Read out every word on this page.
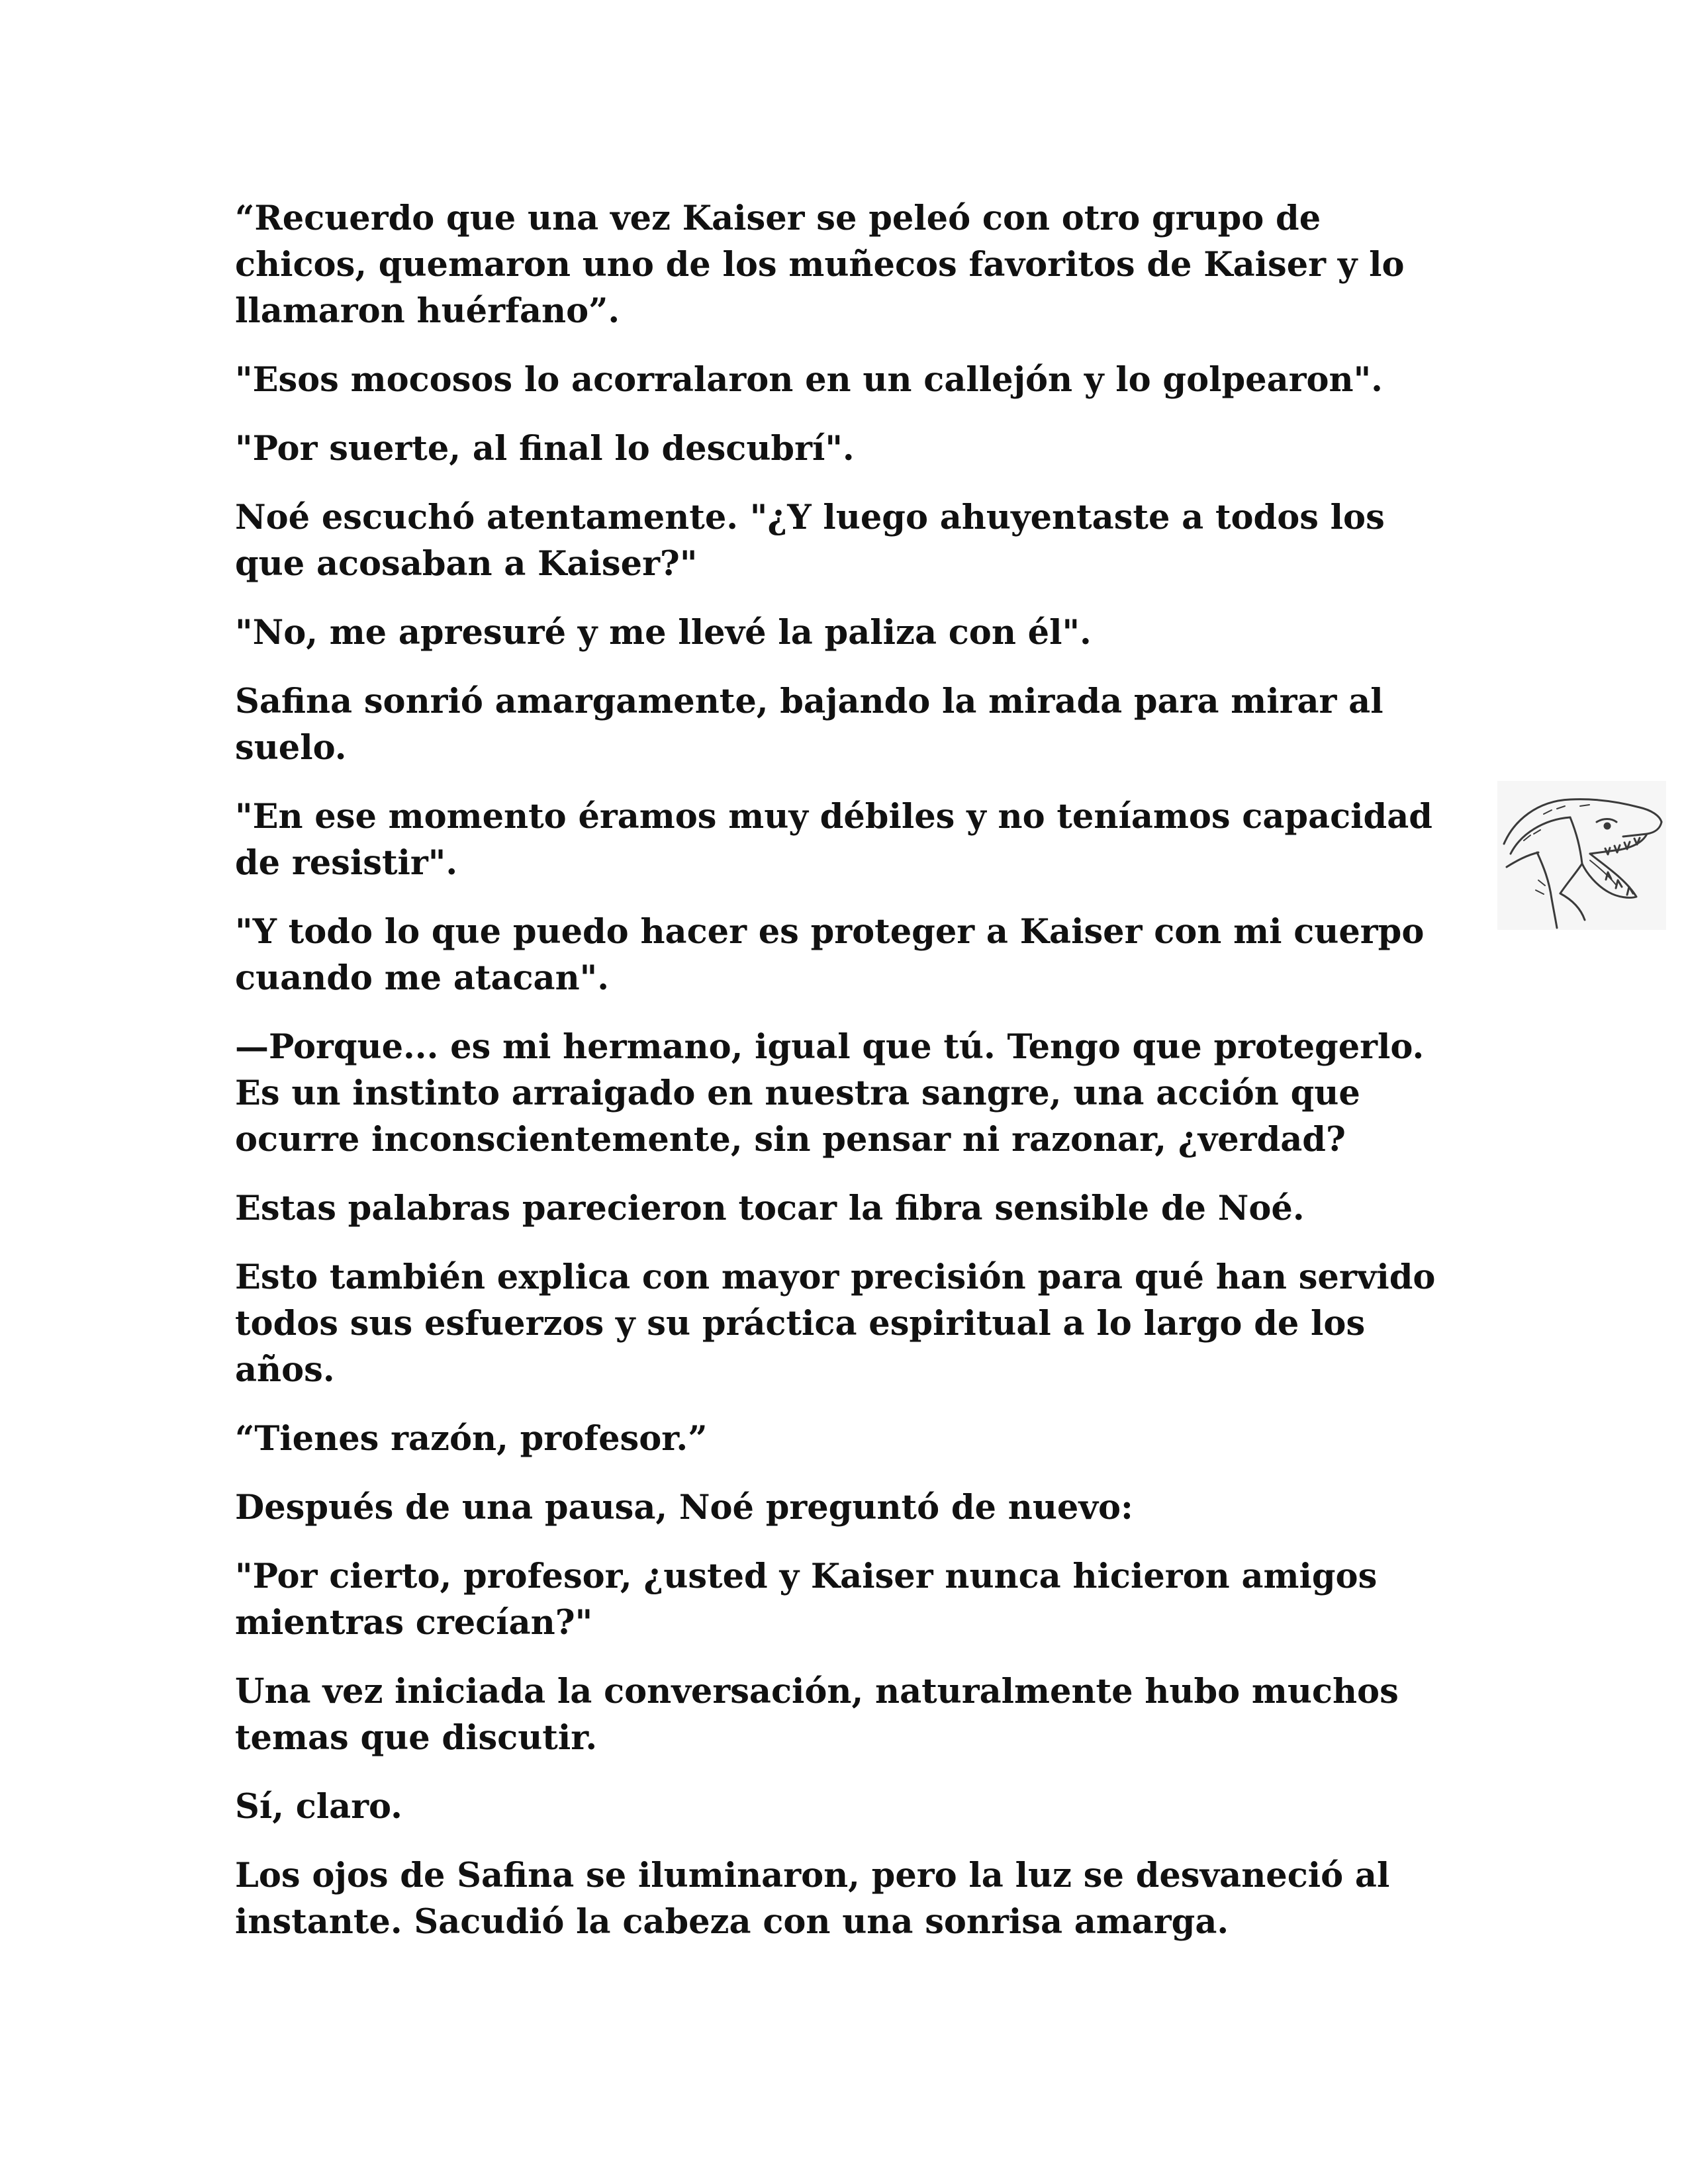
“Recuerdo que una vez Kaiser se peleó con otro grupo de chicos, quemaron uno de los muñecos favoritos de Kaiser y lo llamaron huérfano”.

"Esos mocosos lo acorralaron en un callejón y lo golpearon".

"Por suerte, al final lo descubrí".

Noé escuchó atentamente. "¿Y luego ahuyentaste a todos los que acosaban a Kaiser?"

"No, me apresuré y me llevé la paliza con él".

Safina sonrió amargamente, bajando la mirada para mirar al suelo.

"En ese momento éramos muy débiles y no teníamos capacidad de resistir".

"Y todo lo que puedo hacer es proteger a Kaiser con mi cuerpo cuando me atacan".

—Porque... es mi hermano, igual que tú. Tengo que protegerlo. Es un instinto arraigado en nuestra sangre, una acción que ocurre inconscientemente, sin pensar ni razonar, ¿verdad?

Estas palabras parecieron tocar la fibra sensible de Noé.

Esto también explica con mayor precisión para qué han servido todos sus esfuerzos y su práctica espiritual a lo largo de los años.

“Tienes razón, profesor.”

Después de una pausa, Noé preguntó de nuevo:

"Por cierto, profesor, ¿usted y Kaiser nunca hicieron amigos mientras crecían?"

Una vez iniciada la conversación, naturalmente hubo muchos temas que discutir.

Sí, claro.

Los ojos de Safina se iluminaron, pero la luz se desvaneció al instante. Sacudió la cabeza con una sonrisa amarga.
